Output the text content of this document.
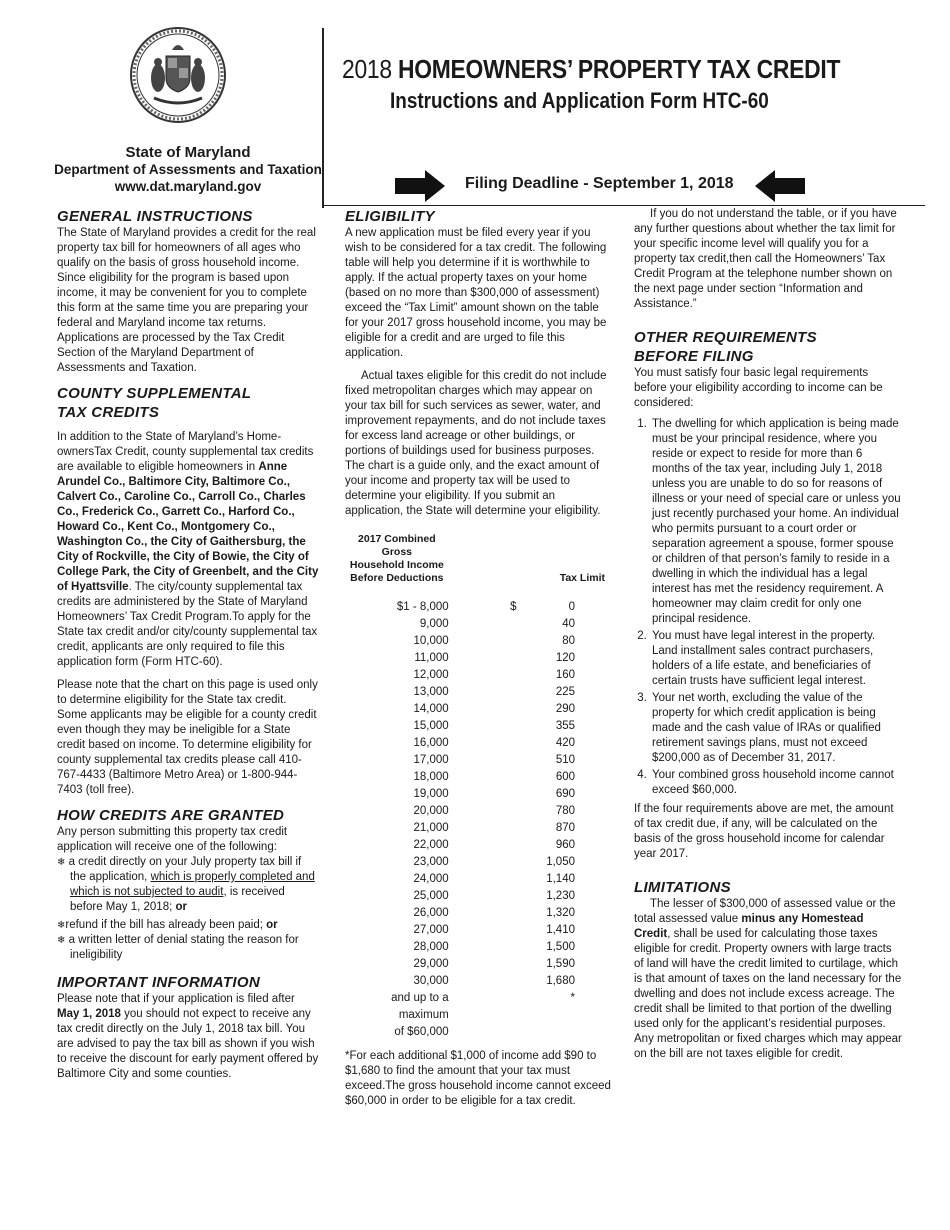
State of Maryland
Department of Assessments and Taxation
www.dat.maryland.gov
2018 HOMEOWNERS’ PROPERTY TAX CREDIT
Instructions and Application Form HTC-60
Filing Deadline - September 1, 2018
GENERAL INSTRUCTIONS

The State of Maryland provides a credit for the real property tax bill for homeowners of all ages who qualify on the basis of gross household income. Since eligibility for the program is based upon income, it may be convenient for you to complete this form at the same time you are preparing your federal and Maryland income tax returns. Applications are processed by the Tax Credit Section of the Maryland Department of Assessments and Taxation.

COUNTY SUPPLEMENTAL
TAX CREDITS

In addition to the State of Maryland’s Home-ownersTax Credit, county supplemental tax credits are available to eligible homeowners in Anne Arundel Co., Baltimore City, Baltimore Co., Calvert Co., Caroline Co., Carroll Co., Charles Co., Frederick Co., Garrett Co., Harford Co., Howard Co., Kent Co., Montgomery Co., Washington Co., the City of Gaithersburg, the City of Rockville, the City of Bowie, the City of College Park, the City of Greenbelt, and the City of Hyattsville. The city/county supplemental tax credits are administered by the State of Maryland Homeowners’ Tax Credit Program.To apply for the State tax credit and/or city/county supplemental tax credit, applicants are only required to file this application form (Form HTC-60).

Please note that the chart on this page is used only to determine eligibility for the State tax credit. Some applicants may be eligible for a county credit even though they may be ineligible for a State credit based on income. To determine eligibility for county supplemental tax credits please call 410-767-4433 (Baltimore Metro Area) or 1-800-944-7403 (toll free).

HOW CREDITS ARE GRANTED

Any person submitting this property tax credit application will receive one of the following:

❄ a credit directly on your July property tax bill if the application, which is properly completed and which is not subjected to audit, is received before May 1, 2018; or

❄refund if the bill has already been paid; or

❄ a written letter of denial stating the reason for ineligibility

IMPORTANT INFORMATION

Please note that if your application is filed after May 1, 2018 you should not expect to receive any tax credit directly on the July 1, 2018 tax bill. You are advised to pay the tax bill as shown if you wish to receive the discount for early payment offered by Baltimore City and some counties.

ELIGIBILITY

A new application must be filed every year if you wish to be considered for a tax credit. The following table will help you determine if it is worthwhile to apply. If the actual property taxes on your home (based on no more than $300,000 of assessment) exceed the “Tax Limit” amount shown on the table for your 2017 gross household income, you may be eligible for a credit and are urged to file this application.

Actual taxes eligible for this credit do not include fixed metropolitan charges which may appear on your tax bill for such services as sewer, water, and improvement repayments, and do not include taxes for excess land acreage or other buildings, or portions of buildings used for business purposes. The chart is a guide only, and the exact amount of your income and property tax will be used to determine your eligibility. If you submit an application, the State will determine your eligibility.

2017 Combined Gross
Household Income
Before Deductions	Tax Limit	
$1 - 8,000	$	0
9,000		40
10,000		80
11,000		120
12,000		160
13,000		225
14,000		290
15,000		355
16,000		420
17,000		510
18,000		600
19,000		690
20,000		780
21,000		870
22,000		960
23,000		1,050
24,000		1,140
25,000		1,230
26,000		1,320
27,000		1,410
28,000		1,500
29,000		1,590
30,000		1,680
and up to a		*
maximum		
of $60,000		

*For each additional $1,000 of income add $90 to $1,680 to find the amount that your tax must exceed.The gross household income cannot exceed $60,000 in order to be eligible for a tax credit.

If you do not understand the table, or if you have any further questions about whether the tax limit for your specific income level will qualify you for a property tax credit,then call the Homeowners’ Tax Credit Program at the telephone number shown on the next page under section “Information and Assistance.”

OTHER REQUIREMENTS
BEFORE FILING

You must satisfy four basic legal requirements before your eligibility according to income can be considered:

1. The dwelling for which application is being made must be your principal residence, where you reside or expect to reside for more than 6 months of the tax year, including July 1, 2018 unless you are unable to do so for reasons of illness or your need of special care or unless you just recently purchased your home. An individual who permits pursuant to a court order or separation agreement a spouse, former spouse or children of that person’s family to reside in a dwelling in which the individual has a legal interest has met the residency requirement. A homeowner may claim credit for only one principal residence.
2. You must have legal interest in the property. Land installment sales contract purchasers, holders of a life estate, and beneficiaries of certain trusts have sufficient legal interest.
3. Your net worth, excluding the value of the property for which credit application is being made and the cash value of IRAs or qualified retirement savings plans, must not exceed $200,000 as of December 31, 2017.
4. Your combined gross household income cannot exceed $60,000.

If the four requirements above are met, the amount of tax credit due, if any, will be calculated on the basis of the gross household income for calendar year 2017.

LIMITATIONS

The lesser of $300,000 of assessed value or the total assessed value minus any Homestead Credit, shall be used for calculating those taxes eligible for credit. Property owners with large tracts of land will have the credit limited to curtilage, which is that amount of taxes on the land necessary for the dwelling and does not include excess acreage. The credit shall be limited to that portion of the dwelling used only for the applicant’s residential purposes. Any metropolitan or fixed charges which may appear on the bill are not taxes eligible for credit.
